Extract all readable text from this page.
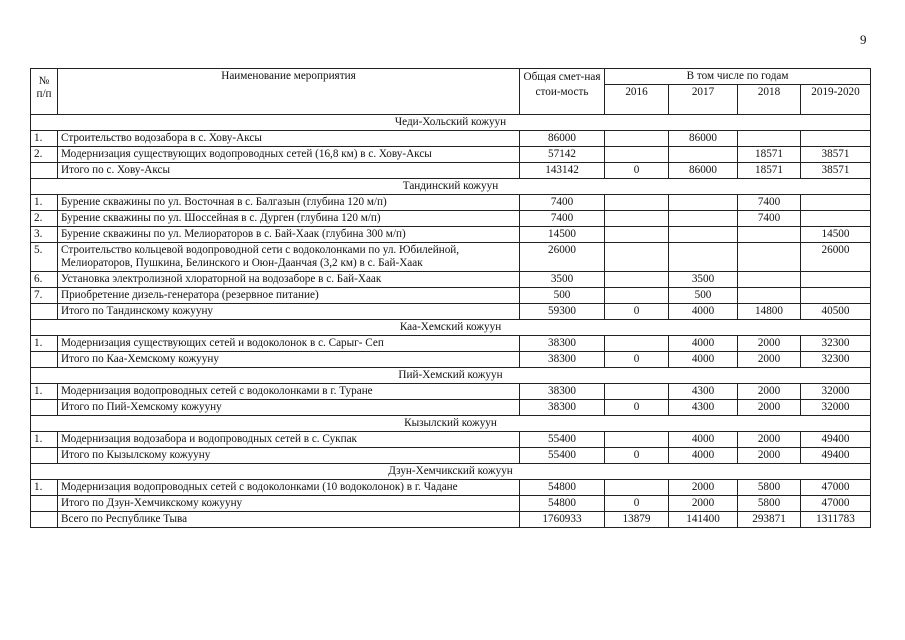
9
№ п/п	Наименование мероприятия	Общая смет-ная стои-мость	В том числе по годам			
			2016	2017	2018	2019-2020
Чеди-Хольский кожуун						
1.	Строительство водозабора в с. Хову-Аксы	86000		86000		
2.	Модернизация существующих водопроводных сетей (16,8 км) в с. Хову-Аксы	57142			18571	38571
	Итого по с. Хову-Аксы	143142	0	86000	18571	38571
Тандинский кожуун						
1.	Бурение скважины по ул. Восточная в с. Балгазын (глубина 120 м/п)	7400			7400	
2.	Бурение скважины по ул. Шоссейная в с. Дурген (глубина 120 м/п)	7400			7400	
3.	Бурение скважины по ул. Мелиораторов в с. Бай-Хаак (глубина 300 м/п)	14500				14500
5.	Строительство кольцевой водопроводной сети с водоколонками по ул. Юбилейной, Мелиораторов, Пушкина, Белинского и Оюн-Даанчая (3,2 км) в с. Бай-Хаак	26000				26000
6.	Установка электролизной хлораторной на водозаборе в с. Бай-Хаак	3500		3500		
7.	Приобретение дизель-генератора (резервное питание)	500		500		
	Итого по Тандинскому кожууну	59300	0	4000	14800	40500
Каа-Хемский кожуун						
1.	Модернизация существующих сетей и водоколонок в с. Сарыг- Сеп	38300		4000	2000	32300
	Итого по Каа-Хемскому кожууну	38300	0	4000	2000	32300
Пий-Хемский кожуун						
1.	Модернизация водопроводных сетей с водоколонками в г. Туране	38300		4300	2000	32000
	Итого по Пий-Хемскому кожууну	38300	0	4300	2000	32000
Кызылский кожуун						
1.	Модернизация водозабора и водопроводных сетей в с. Сукпак	55400		4000	2000	49400
	Итого по Кызылскому кожууну	55400	0	4000	2000	49400
Дзун-Хемчикский кожуун						
1.	Модернизация водопроводных сетей с водоколонками (10 водоколонок) в г. Чадане	54800		2000	5800	47000
	Итого по Дзун-Хемчикскому кожууну	54800	0	2000	5800	47000
	Всего по Республике Тыва	1760933	13879	141400	293871	1311783
